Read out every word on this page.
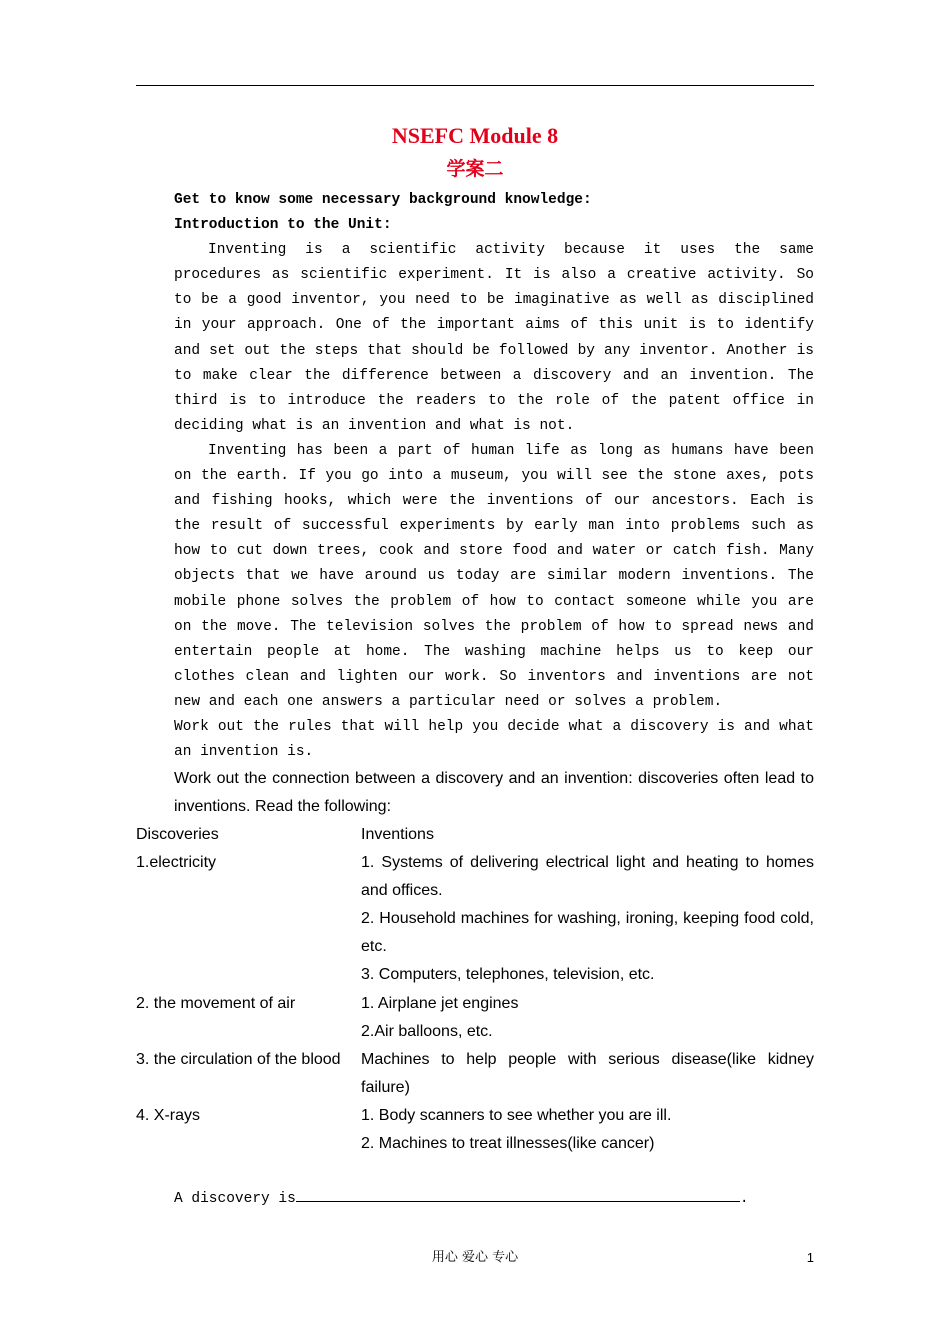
NSEFC Module 8
学案二

Get to know some necessary background knowledge:

Introduction to the Unit:

Inventing is a scientific activity because it uses the same procedures as scientific experiment. It is also a creative activity. So to be a good inventor, you need to be imaginative as well as disciplined in your approach. One of the important aims of this unit is to identify and set out the steps that should be followed by any inventor. Another is to make clear the difference between a discovery and an invention. The third is to introduce the readers to the role of the patent office in deciding what is an invention and what is not.

Inventing has been a part of human life as long as humans have been on the earth. If you go into a museum, you will see the stone axes, pots and fishing hooks, which were the inventions of our ancestors. Each is the result of successful experiments by early man into problems such as how to cut down trees, cook and store food and water or catch fish. Many objects that we have around us today are similar modern inventions. The mobile phone solves the problem of how to contact someone while you are on the move. The television solves the problem of how to spread news and entertain people at home. The washing machine helps us to keep our clothes clean and lighten our work. So inventors and inventions are not new and each one answers a particular need or solves a problem.

Work out the rules that will help you decide what a discovery is and what an invention is.

Work out the connection between a discovery and an invention: discoveries often lead to inventions. Read the following:
Discoveries	Inventions
1.electricity	1. Systems of delivering electrical light and heating to homes and offices.
	2. Household machines for washing, ironing, keeping food cold, etc.
	3. Computers, telephones, television, etc.
2. the movement of air	1. Airplane jet engines
	2.Air balloons, etc.
3. the circulation of the blood	Machines to help people with serious disease(like kidney failure)
4. X-rays	1. Body scanners to see whether you are ill.
	2. Machines to treat illnesses(like cancer)
A discovery is	.
用心 爱心 专心	1
